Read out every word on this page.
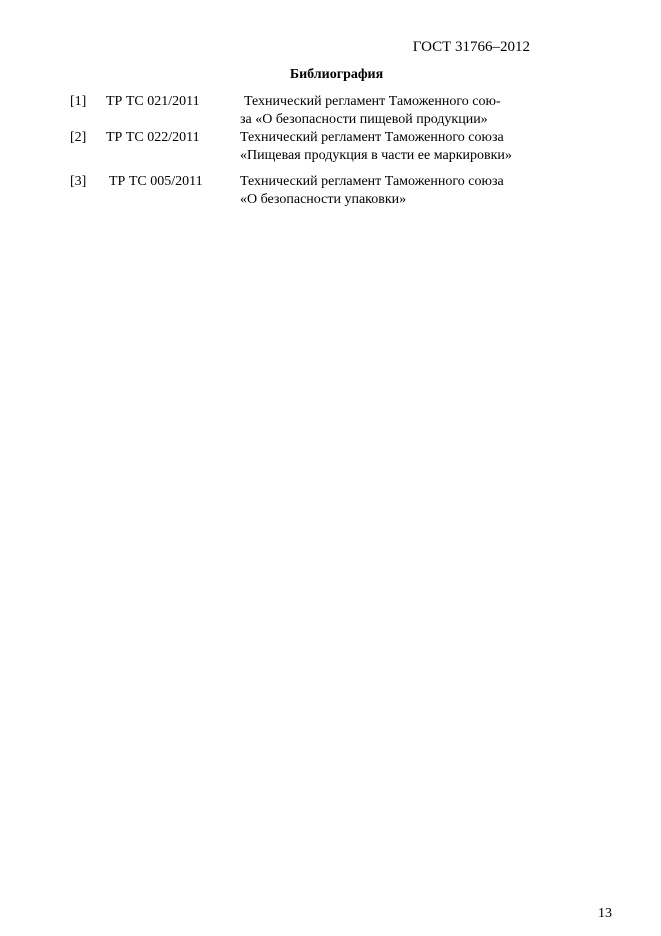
ГОСТ 31766–2012
Библиография
[1]	ТР ТС 021/2011	Технический регламент Таможенного сою-
за «О безопасности пищевой продукции»
[2]	ТР ТС 022/2011	Технический регламент Таможенного союза
«Пищевая продукция в части ее маркировки»
[3]	ТР ТС 005/2011	Технический регламент Таможенного союза
«О безопасности упаковки»
13
